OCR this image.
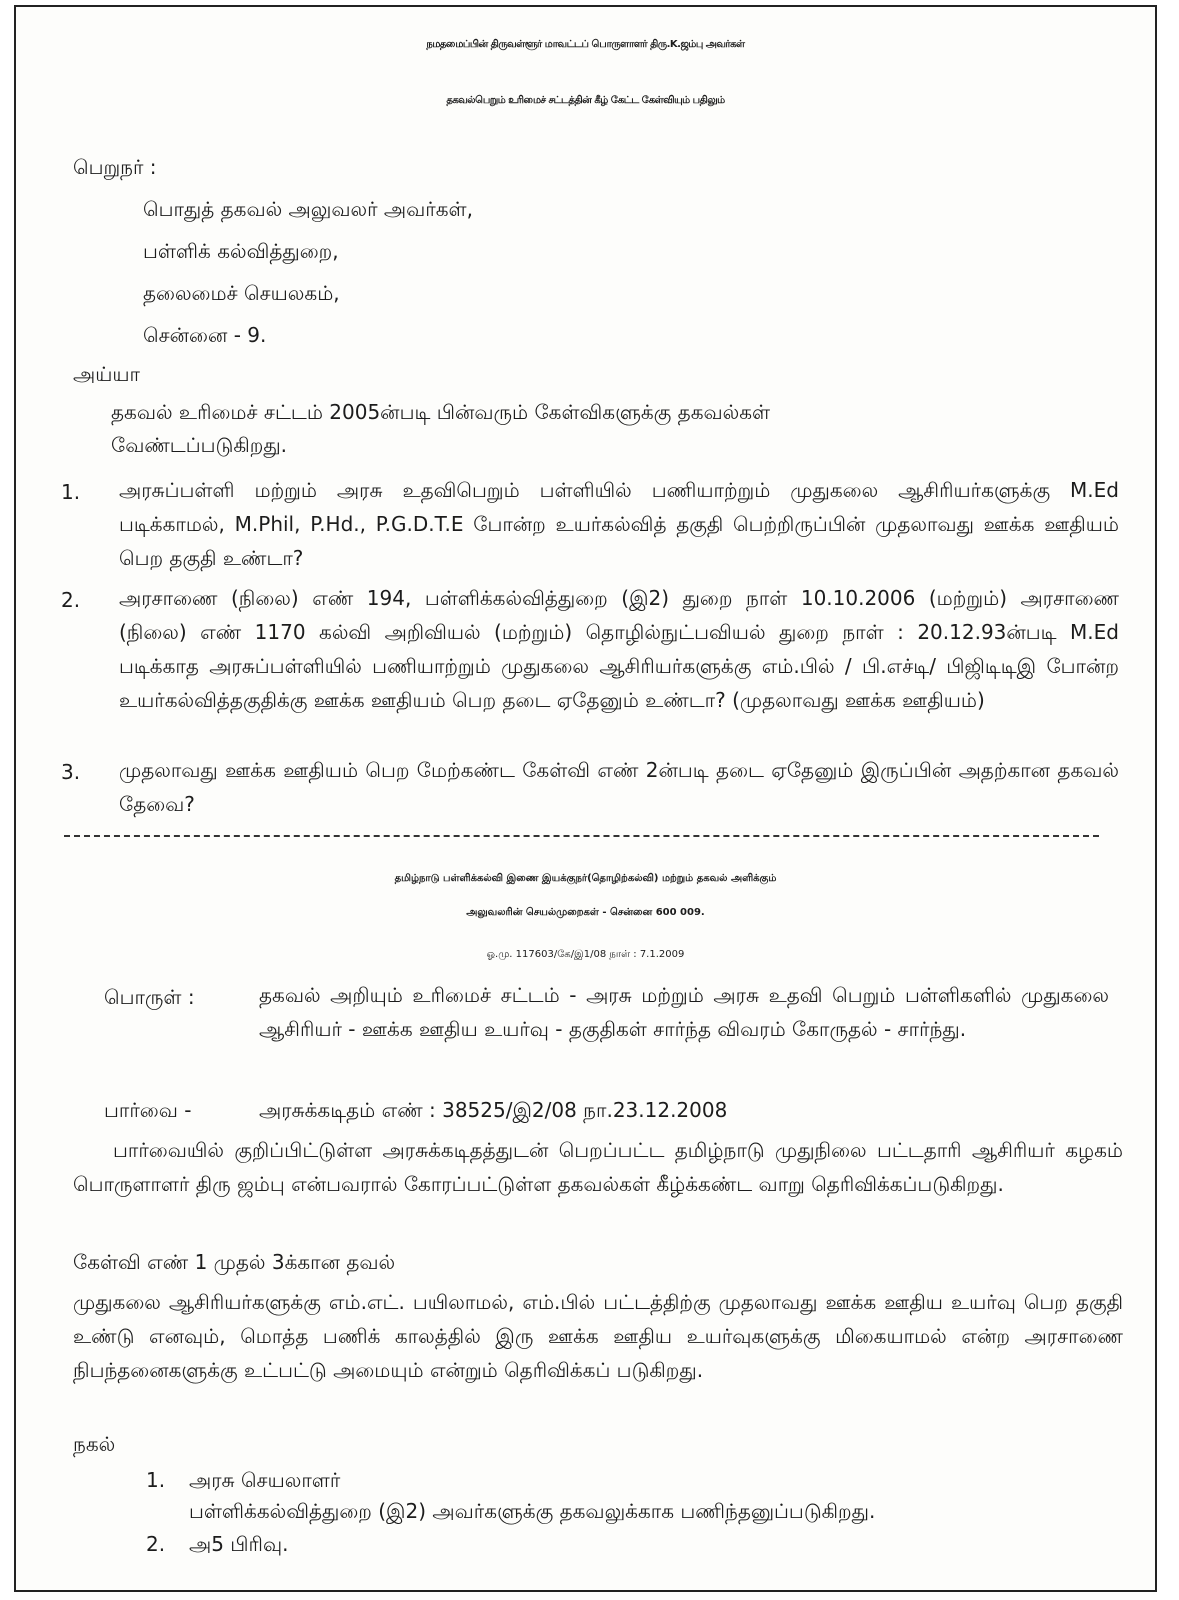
நமதமைப்பின் திருவள்ளூர் மாவட்டப் பொருளாளர் திரு.K.ஜம்பு அவர்கள்
தகவல்பெறும் உரிமைச் சட்டத்தின் கீழ் கேட்ட கேள்வியும் பதிலும்
பெறுநர் :
பொதுத் தகவல் அலுவலர் அவர்கள்,
பள்ளிக் கல்வித்துறை,
தலைமைச் செயலகம்,
சென்னை - 9.
அய்யா
தகவல் உரிமைச் சட்டம் 2005ன்படி பின்வரும் கேள்விகளுக்கு தகவல்கள்
வேண்டப்படுகிறது.
1. அரசுப்பள்ளி மற்றும் அரசு உதவிபெறும் பள்ளியில் பணியாற்றும் முதுகலை ஆசிரியர்களுக்கு M.Ed படிக்காமல், M.Phil, P.Hd., P.G.D.T.E போன்ற உயர்கல்வித் தகுதி பெற்றிருப்பின் முதலாவது ஊக்க ஊதியம் பெற தகுதி உண்டா?
2. அரசாணை (நிலை) எண் 194, பள்ளிக்கல்வித்துறை (இ2) துறை நாள் 10.10.2006 (மற்றும்) அரசாணை (நிலை) எண் 1170 கல்வி அறிவியல் (மற்றும்) தொழில்நுட்பவியல் துறை நாள் : 20.12.93ன்படி M.Ed படிக்காத அரசுப்பள்ளியில் பணியாற்றும் முதுகலை ஆசிரியர்களுக்கு எம்.பில் / பி.எச்டி/ பிஜிடிடிஇ போன்ற உயர்கல்வித்தகுதிக்கு ஊக்க ஊதியம் பெற தடை ஏதேனும் உண்டா? (முதலாவது ஊக்க ஊதியம்)
3. முதலாவது ஊக்க ஊதியம் பெற மேற்கண்ட கேள்வி எண் 2ன்படி தடை ஏதேனும் இருப்பின் அதற்கான தகவல் தேவை?
தமிழ்நாடு பள்ளிக்கல்வி இணை இயக்குநர்(தொழிற்கல்வி) மற்றும் தகவல் அளிக்கும்
அலுவலரின் செயல்முறைகள் - சென்னை 600 009.
ஓ.மு. 117603/கே/இ1/08 நாள் : 7.1.2009
பொருள் :	தகவல் அறியும் உரிமைச் சட்டம் - அரசு மற்றும் அரசு உதவி பெறும் பள்ளிகளில் முதுகலை ஆசிரியர் - ஊக்க ஊதிய உயர்வு - தகுதிகள் சார்ந்த விவரம் கோருதல் - சார்ந்து.
பார்வை -	அரசுக்கடிதம் எண் : 38525/இ2/08 நா.23.12.2008
பார்வையில் குறிப்பிட்டுள்ள அரசுக்கடிதத்துடன் பெறப்பட்ட தமிழ்நாடு முதுநிலை பட்டதாரி ஆசிரியர் கழகம் பொருளாளர் திரு ஜம்பு என்பவரால் கோரப்பட்டுள்ள தகவல்கள் கீழ்க்கண்ட வாறு தெரிவிக்கப்படுகிறது.
கேள்வி எண் 1 முதல் 3க்கான தவல்
முதுகலை ஆசிரியர்களுக்கு எம்.எட். பயிலாமல், எம்.பில் பட்டத்திற்கு முதலாவது ஊக்க ஊதிய உயர்வு பெற தகுதி உண்டு எனவும், மொத்த பணிக் காலத்தில் இரு ஊக்க ஊதிய உயர்வுகளுக்கு மிகையாமல் என்ற அரசாணை நிபந்தனைகளுக்கு உட்பட்டு அமையும் என்றும் தெரிவிக்கப் படுகிறது.
நகல்
1. அரசு செயலாளர்
பள்ளிக்கல்வித்துறை (இ2) அவர்களுக்கு தகவலுக்காக பணிந்தனுப்படுகிறது.
2. அ5 பிரிவு.
